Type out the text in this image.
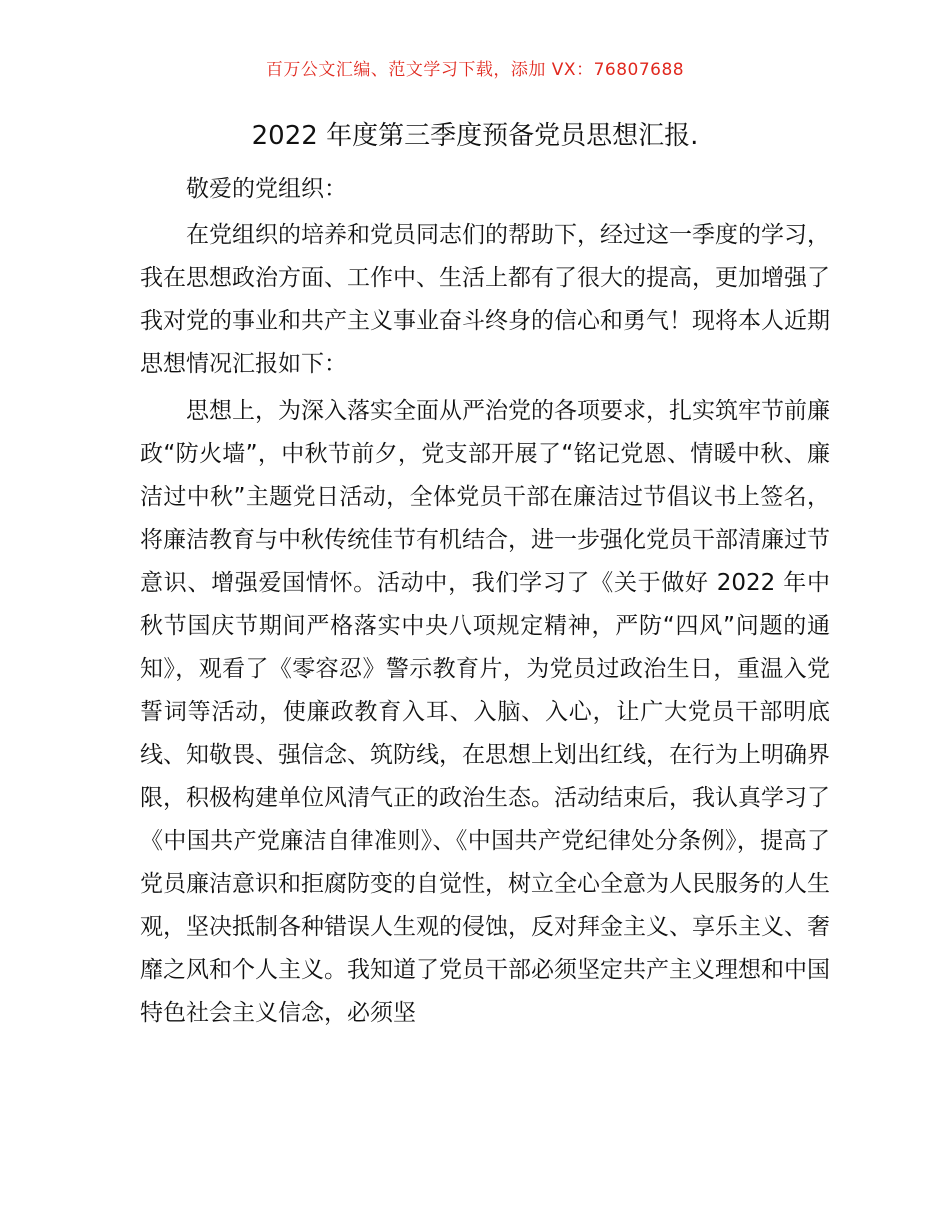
百万公文汇编、范文学习下载，添加 VX：76807688
2022 年度第三季度预备党员思想汇报.

敬爱的党组织：

在党组织的培养和党员同志们的帮助下，经过这一季度的学习，我在思想政治方面、工作中、生活上都有了很大的提高，更加增强了我对党的事业和共产主义事业奋斗终身的信心和勇气！现将本人近期思想情况汇报如下：

思想上，为深入落实全面从严治党的各项要求，扎实筑牢节前廉政“防火墙”，中秋节前夕，党支部开展了“铭记党恩、情暖中秋、廉洁过中秋”主题党日活动，全体党员干部在廉洁过节倡议书上签名，将廉洁教育与中秋传统佳节有机结合，进一步强化党员干部清廉过节意识、增强爱国情怀。活动中，我们学习了《关于做好 2022 年中秋节国庆节期间严格落实中央八项规定精神，严防“四风”问题的通知》，观看了《零容忍》警示教育片，为党员过政治生日，重温入党誓词等活动，使廉政教育入耳、入脑、入心，让广大党员干部明底线、知敬畏、强信念、筑防线，在思想上划出红线，在行为上明确界限，积极构建单位风清气正的政治生态。活动结束后，我认真学习了《中国共产党廉洁自律准则》、《中国共产党纪律处分条例》，提高了党员廉洁意识和拒腐防变的自觉性，树立全心全意为人民服务的人生观，坚决抵制各种错误人生观的侵蚀，反对拜金主义、享乐主义、奢靡之风和个人主义。我知道了党员干部必须坚定共产主义理想和中国特色社会主义信念，必须坚
